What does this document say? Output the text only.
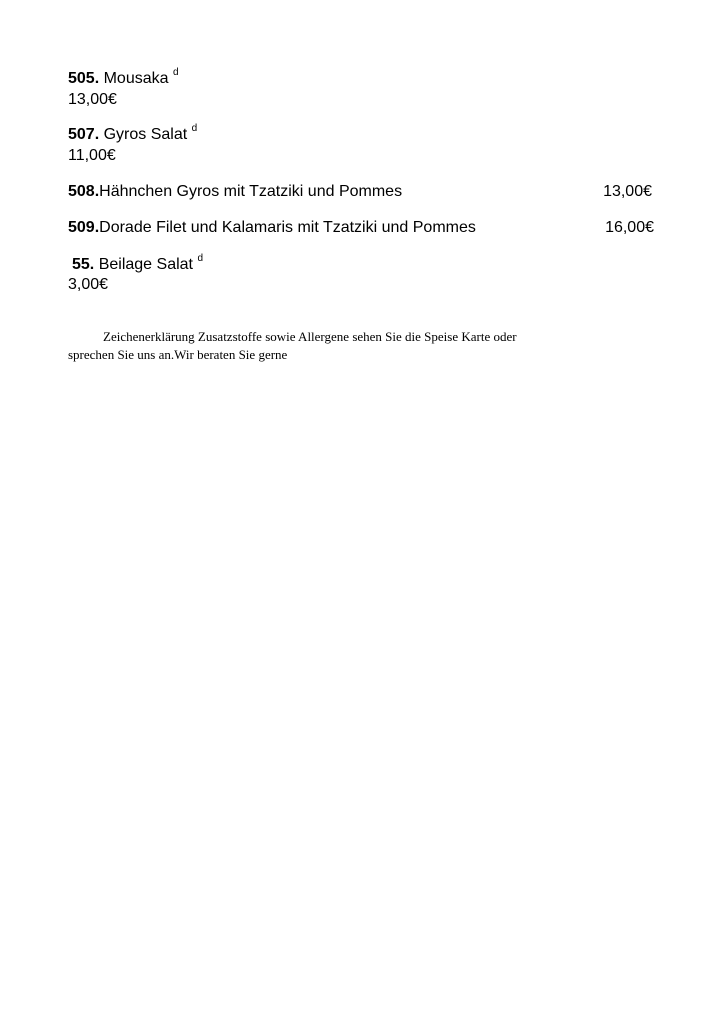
505. Mousaka $^d$
13,00€
507. Gyros Salat $^d$
11,00€
508.Hähnchen Gyros mit Tzatziki und Pommes	13,00€
509.Dorade Filet und Kalamaris mit Tzatziki und Pommes	16,00€
55. Beilage Salat $^d$
3,00€
Zeichenerklärung Zusatzstoffe sowie Allergene sehen Sie die Speise Karte oder
sprechen Sie uns an.Wir beraten Sie gerne
